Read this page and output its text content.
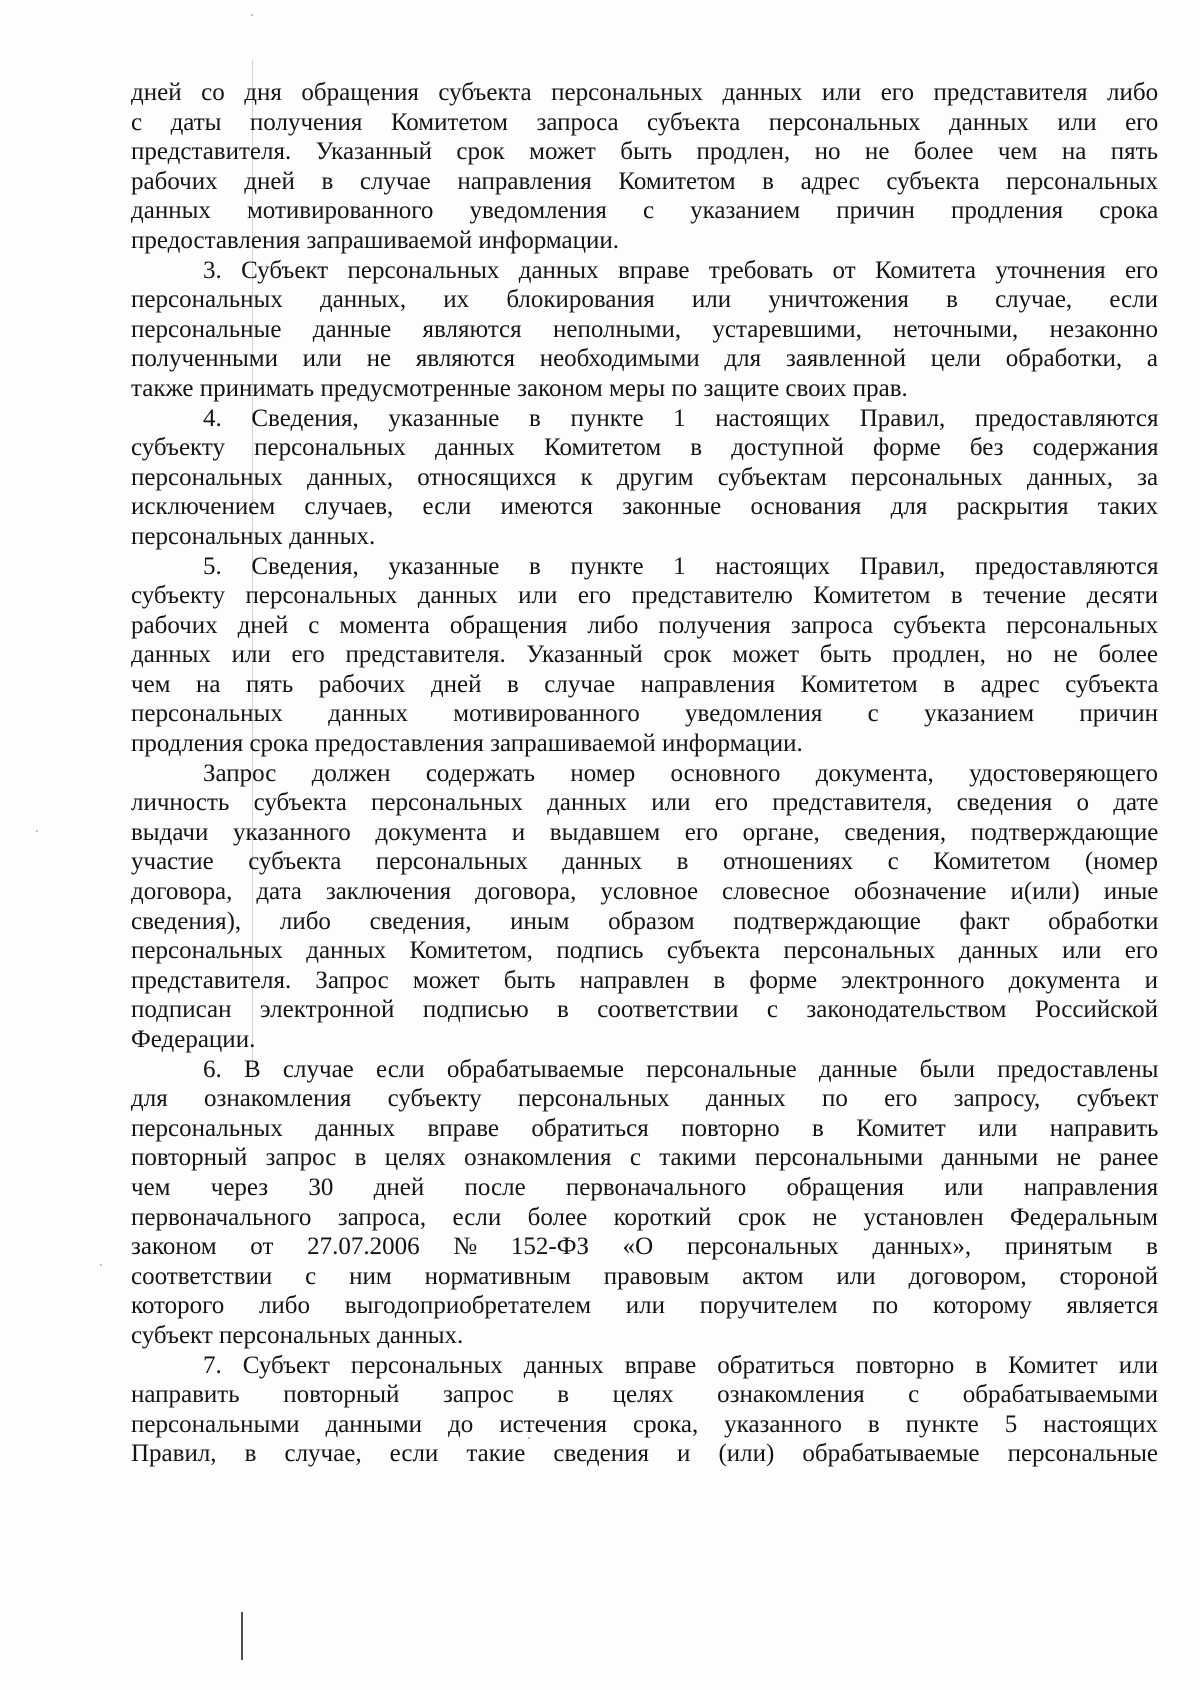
дней со дня обращения субъекта персональных данных или его представителя либо
с даты получения Комитетом запроса субъекта персональных данных или его
представителя. Указанный срок может быть продлен, но не более чем на пять
рабочих дней в случае направления Комитетом в адрес субъекта персональных
данных мотивированного уведомления с указанием причин продления срока
предоставления запрашиваемой информации.
3. Субъект персональных данных вправе требовать от Комитета уточнения его
персональных данных, их блокирования или уничтожения в случае, если
персональные данные являются неполными, устаревшими, неточными, незаконно
полученными или не являются необходимыми для заявленной цели обработки, а
также принимать предусмотренные законом меры по защите своих прав.
4. Сведения, указанные в пункте 1 настоящих Правил, предоставляются
субъекту персональных данных Комитетом в доступной форме без содержания
персональных данных, относящихся к другим субъектам персональных данных, за
исключением случаев, если имеются законные основания для раскрытия таких
персональных данных.
5. Сведения, указанные в пункте 1 настоящих Правил, предоставляются
субъекту персональных данных или его представителю Комитетом в течение десяти
рабочих дней с момента обращения либо получения запроса субъекта персональных
данных или его представителя. Указанный срок может быть продлен, но не более
чем на пять рабочих дней в случае направления Комитетом в адрес субъекта
персональных данных мотивированного уведомления с указанием причин
продления срока предоставления запрашиваемой информации.
Запрос должен содержать номер основного документа, удостоверяющего
личность субъекта персональных данных или его представителя, сведения о дате
выдачи указанного документа и выдавшем его органе, сведения, подтверждающие
участие субъекта персональных данных в отношениях с Комитетом (номер
договора, дата заключения договора, условное словесное обозначение и(или) иные
сведения), либо сведения, иным образом подтверждающие факт обработки
персональных данных Комитетом, подпись субъекта персональных данных или его
представителя. Запрос может быть направлен в форме электронного документа и
подписан электронной подписью в соответствии с законодательством Российской
Федерации.
6. В случае если обрабатываемые персональные данные были предоставлены
для ознакомления субъекту персональных данных по его запросу, субъект
персональных данных вправе обратиться повторно в Комитет или направить
повторный запрос в целях ознакомления с такими персональными данными не ранее
чем через 30 дней после первоначального обращения или направления
первоначального запроса, если более короткий срок не установлен Федеральным
законом от 27.07.2006 № 152-ФЗ «О персональных данных», принятым в
соответствии с ним нормативным правовым актом или договором, стороной
которого либо выгодоприобретателем или поручителем по которому является
субъект персональных данных.
7. Субъект персональных данных вправе обратиться повторно в Комитет или
направить повторный запрос в целях ознакомления с обрабатываемыми
персональными данными до истечения срока, указанного в пункте 5 настоящих
Правил, в случае, если такие сведения и (или) обрабатываемые персональные
